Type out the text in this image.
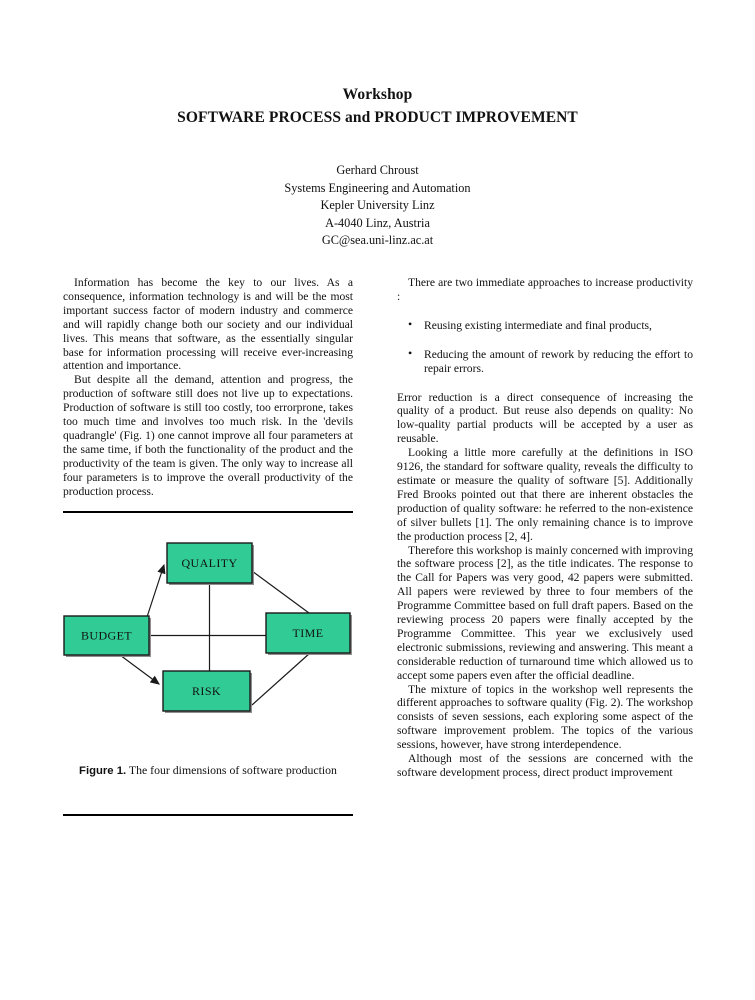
Workshop
SOFTWARE PROCESS and PRODUCT IMPROVEMENT
Gerhard Chroust
Systems Engineering and Automation
Kepler University Linz
A-4040 Linz, Austria
GC@sea.uni-linz.ac.at

Information has become the key to our lives. As a consequence, information technology is and will be the most important success factor of modern industry and commerce and will rapidly change both our society and our individual lives. This means that software, as the essentially singular base for information processing will receive ever-increasing attention and importance.

But despite all the demand, attention and progress, the production of software still does not live up to expectations. Production of software is still too costly, too errorprone, takes too much time and involves too much risk. In the 'devils quadrangle' (Fig. 1) one cannot improve all four parameters at the same time, if both the functionality of the product and the productivity of the team is given. The only way to increase all four parameters is to improve the overall productivity of the production process.

QUALITY
BUDGET	TIME
RISK
Figure 1. The four dimensions of software production

There are two immediate approaches to increase productivity :

• Reusing existing intermediate and final products,
• Reducing the amount of rework by reducing the effort to repair errors.

Error reduction is a direct consequence of increasing the quality of a product. But reuse also depends on quality: No low-quality partial products will be accepted by a user as reusable.

Looking a little more carefully at the definitions in ISO 9126, the standard for software quality, reveals the difficulty to estimate or measure the quality of software [5]. Additionally Fred Brooks pointed out that there are inherent obstacles the production of quality software: he referred to the non-existence of silver bullets [1]. The only remaining chance is to improve the production process [2, 4].

Therefore this workshop is mainly concerned with improving the software process [2], as the title indicates. The response to the Call for Papers was very good, 42 papers were submitted. All papers were reviewed by three to four members of the Programme Committee based on full draft papers. Based on the reviewing process 20 papers were finally accepted by the Programme Committee. This year we exclusively used electronic submissions, reviewing and answering. This meant a considerable reduction of turnaround time which allowed us to accept some papers even after the official deadline.

The mixture of topics in the workshop well represents the different approaches to software quality (Fig. 2). The workshop consists of seven sessions, each exploring some aspect of the software improvement problem. The topics of the various sessions, however, have strong interdependence.

Although most of the sessions are concerned with the software development process, direct product improvement
